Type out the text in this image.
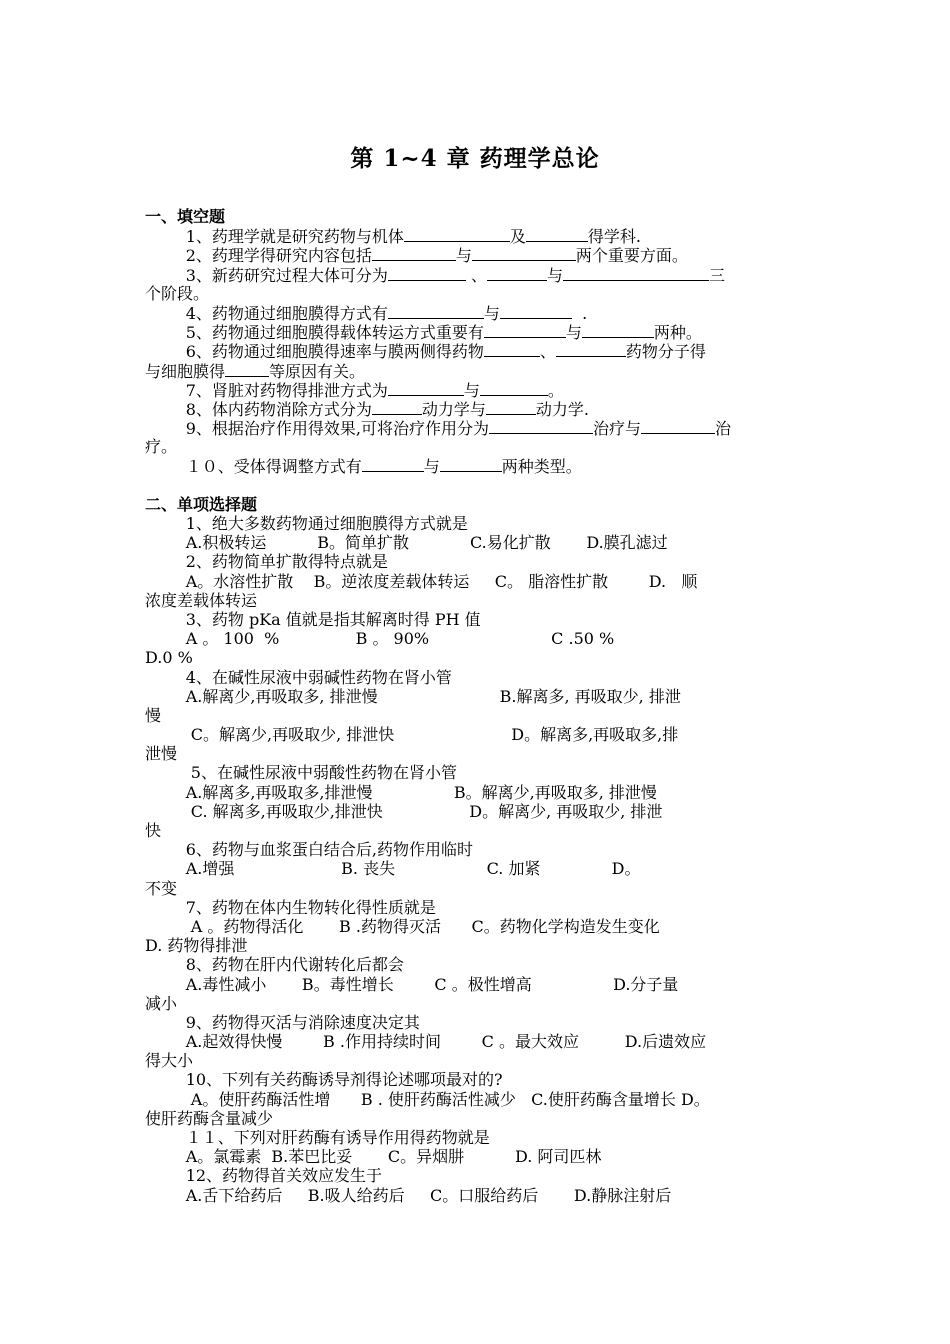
第 1~4 章 药理学总论
一、填空题
1、药理学就是研究药物与机体	及	得学科.
2、药理学得研究内容包括	与	两个重要方面。
3、新药研究过程大体可分为	、	与	三
个阶段。
4、药物通过细胞膜得方式有	与	.
5、药物通过细胞膜得载体转运方式重要有	与	两种。
6、药物通过细胞膜得速率与膜两侧得药物	、	药物分子得
与细胞膜得	等原因有关。
7、肾脏对药物得排泄方式为	与	。
8、体内药物消除方式分为	动力学与	动力学.
9、根据治疗作用得效果,可将治疗作用分为	治疗与	治
疗。
１０、受体得调整方式有	与	两种类型。
二、单项选择题
1、绝大多数药物通过细胞膜得方式就是
A.积极转运          B。简单扩散            C.易化扩散       D.膜孔滤过
2、药物简单扩散得特点就是
A。水溶性扩散    B。逆浓度差载体转运     C。 脂溶性扩散        D.   顺
浓度差载体转运
3、药物 pKa 值就是指其解离时得 PH 值
A 。 100  %               B 。 90%                        C .50 %
D.0 %
4、在碱性尿液中弱碱性药物在肾小管
A.解离少,再吸取多, 排泄慢                        B.解离多, 再吸取少, 排泄
慢
C。解离少,再吸取少, 排泄快                       D。解离多,再吸取多,排
泄慢
5、在碱性尿液中弱酸性药物在肾小管
A.解离多,再吸取多,排泄慢                B。解离少,再吸取多, 排泄慢
C. 解离多,再吸取少,排泄快                 D。解离少, 再吸取少, 排泄
快
6、药物与血浆蛋白结合后,药物作用临时
A.增强                     B. 丧失                  C. 加紧              D。
不变
7、药物在体内生物转化得性质就是
A 。药物得活化       B .药物得灭活      C。药物化学构造发生变化
D. 药物得排泄
8、药物在肝内代谢转化后都会
A.毒性减小       B。毒性增长        C 。极性增高                D.分子量
减小
9、药物得灭活与消除速度决定其
A.起效得快慢        B .作用持续时间        C 。最大效应         D.后遗效应
得大小
10、下列有关药酶诱导剂得论述哪项最对的?
A。使肝药酶活性增      B . 使肝药酶活性减少   C.使肝药酶含量增长 D。
使肝药酶含量减少
１１、下列对肝药酶有诱导作用得药物就是
A。氯霉素  B.苯巴比妥       C。异烟肼          D. 阿司匹林
12、药物得首关效应发生于
A.舌下给药后     B.吸人给药后     C。口服给药后       D.静脉注射后
